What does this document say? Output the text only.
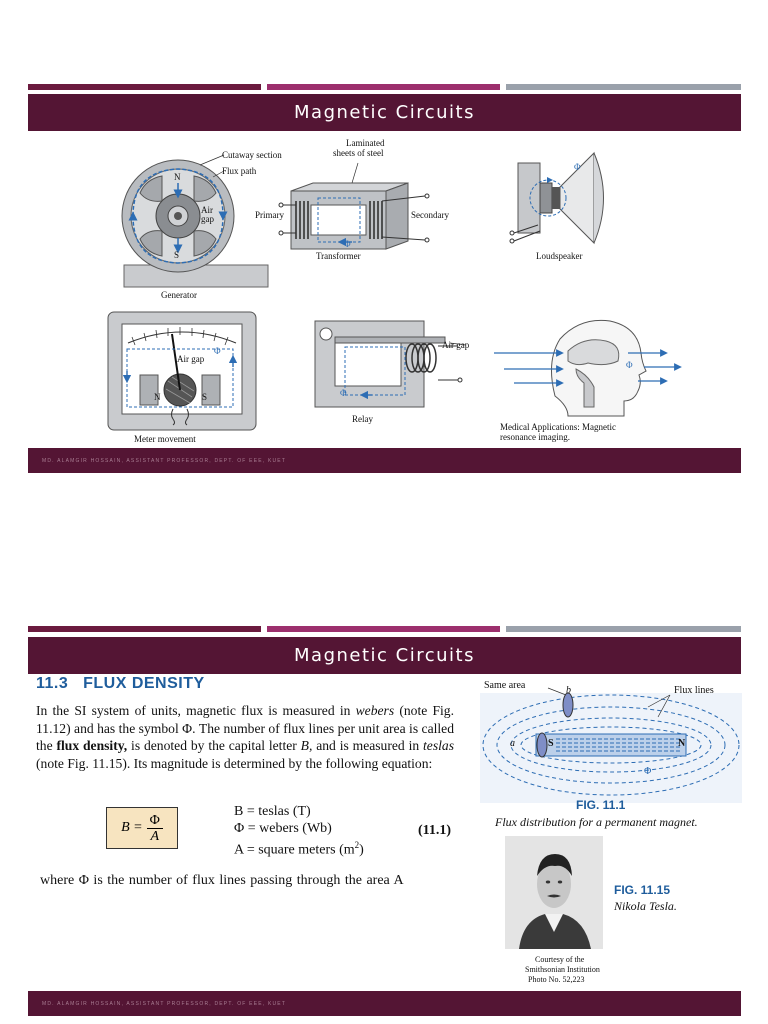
Magnetic Circuits
Cutaway section
Flux path
N
S
Air gap
Generator
Laminated
sheets of steel
Primary	Secondary
Φ
Transformer
Φ
Loudspeaker
Air gap
Φ
N	S
Meter movement
Air gap
Φ
Relay
Φ
Medical Applications: Magnetic
resonance imaging.
MD. ALAMGIR HOSSAIN, ASSISTANT PROFESSOR, DEPT. OF EEE, KUET
Magnetic Circuits
11.3 FLUX DENSITY
In the SI system of units, magnetic flux is measured in webers (note Fig. 11.12) and has the symbol Φ. The number of flux lines per unit area is called the flux density, is denoted by the capital letter B, and is measured in teslas (note Fig. 11.15). Its magnitude is determined by the following equation:
$B = \frac{\Phi}{A}$
B = teslas (T)
Φ = webers (Wb)
A = square meters $(m^2)$
(11.1)
where Φ is the number of flux lines passing through the area A
Same area	b
a
Flux lines
S	N
Φ
FIG. 11.1
Flux distribution for a permanent magnet.
Courtesy of the
Smithsonian Institution
Photo No. 52,223
FIG. 11.15
Nikola Tesla.
MD. ALAMGIR HOSSAIN, ASSISTANT PROFESSOR, DEPT. OF EEE, KUET
